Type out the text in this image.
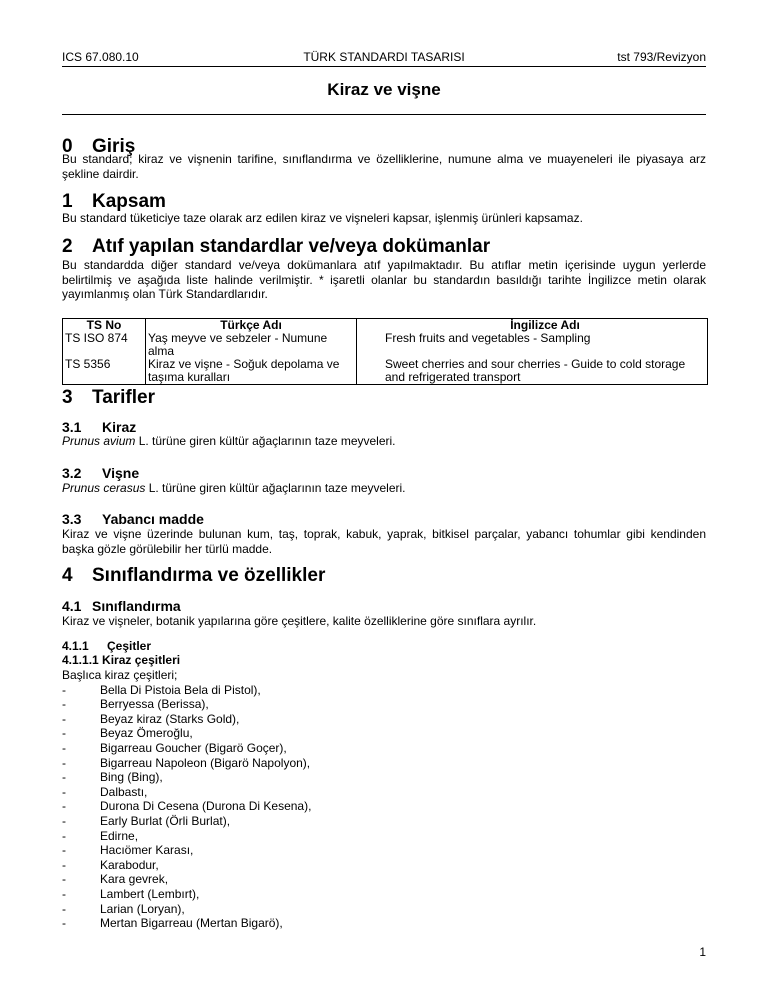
ICS 67.080.10	TÜRK STANDARDI TASARISI	tst 793/Revizyon
Kiraz ve vişne
0 Giriş
Bu standard; kiraz ve vişnenin tarifine, sınıflandırma ve özelliklerine, numune alma ve muayeneleri ile piyasaya arz şekline dairdir.
1 Kapsam
Bu standard tüketiciye taze olarak arz edilen kiraz ve vişneleri kapsar, işlenmiş ürünleri kapsamaz.
2 Atıf yapılan standardlar ve/veya dokümanlar
Bu standardda diğer standard ve/veya dokümanlara atıf yapılmaktadır. Bu atıflar metin içerisinde uygun yerlerde belirtilmiş ve aşağıda liste halinde verilmiştir. * işaretli olanlar bu standardın basıldığı tarihte İngilizce metin olarak yayımlanmış olan Türk Standardlarıdır.
TS No	Türkçe Adı		İngilizce Adı
TS ISO 874	Yaş meyve ve sebzeler - Numune alma		Fresh fruits and vegetables - Sampling
TS 5356	Kiraz ve vişne - Soğuk depolama ve taşıma kuralları		Sweet cherries and sour cherries - Guide to cold storage and refrigerated transport
3 Tarifler
3.1 Kiraz
Prunus avium L. türüne giren kültür ağaçlarının taze meyveleri.
3.2 Vişne
Prunus cerasus L. türüne giren kültür ağaçlarının taze meyveleri.
3.3 Yabancı madde
Kiraz ve vişne üzerinde bulunan kum, taş, toprak, kabuk, yaprak, bitkisel parçalar, yabancı tohumlar gibi kendinden başka gözle görülebilir her türlü madde.
4 Sınıflandırma ve özellikler
4.1 Sınıflandırma
Kiraz ve vişneler, botanik yapılarına göre çeşitlere, kalite özelliklerine göre sınıflara ayrılır.
4.1.1 Çeşitler
4.1.1.1 Kiraz çeşitleri
Başlıca kiraz çeşitleri;
-	Bella Di Pistoia Bela di Pistol),
-	Berryessa (Berissa),
-	Beyaz kiraz (Starks Gold),
-	Beyaz Ömeroğlu,
-	Bigarreau Goucher (Bigarö Goçer),
-	Bigarreau Napoleon (Bigarö Napolyon),
-	Bing (Bing),
-	Dalbastı,
-	Durona Di Cesena (Durona Di Kesena),
-	Early Burlat (Örli Burlat),
-	Edirne,
-	Hacıömer Karası,
-	Karabodur,
-	Kara gevrek,
-	Lambert (Lembırt),
-	Larian (Loryan),
-	Mertan Bigarreau (Mertan Bigarö),
1
